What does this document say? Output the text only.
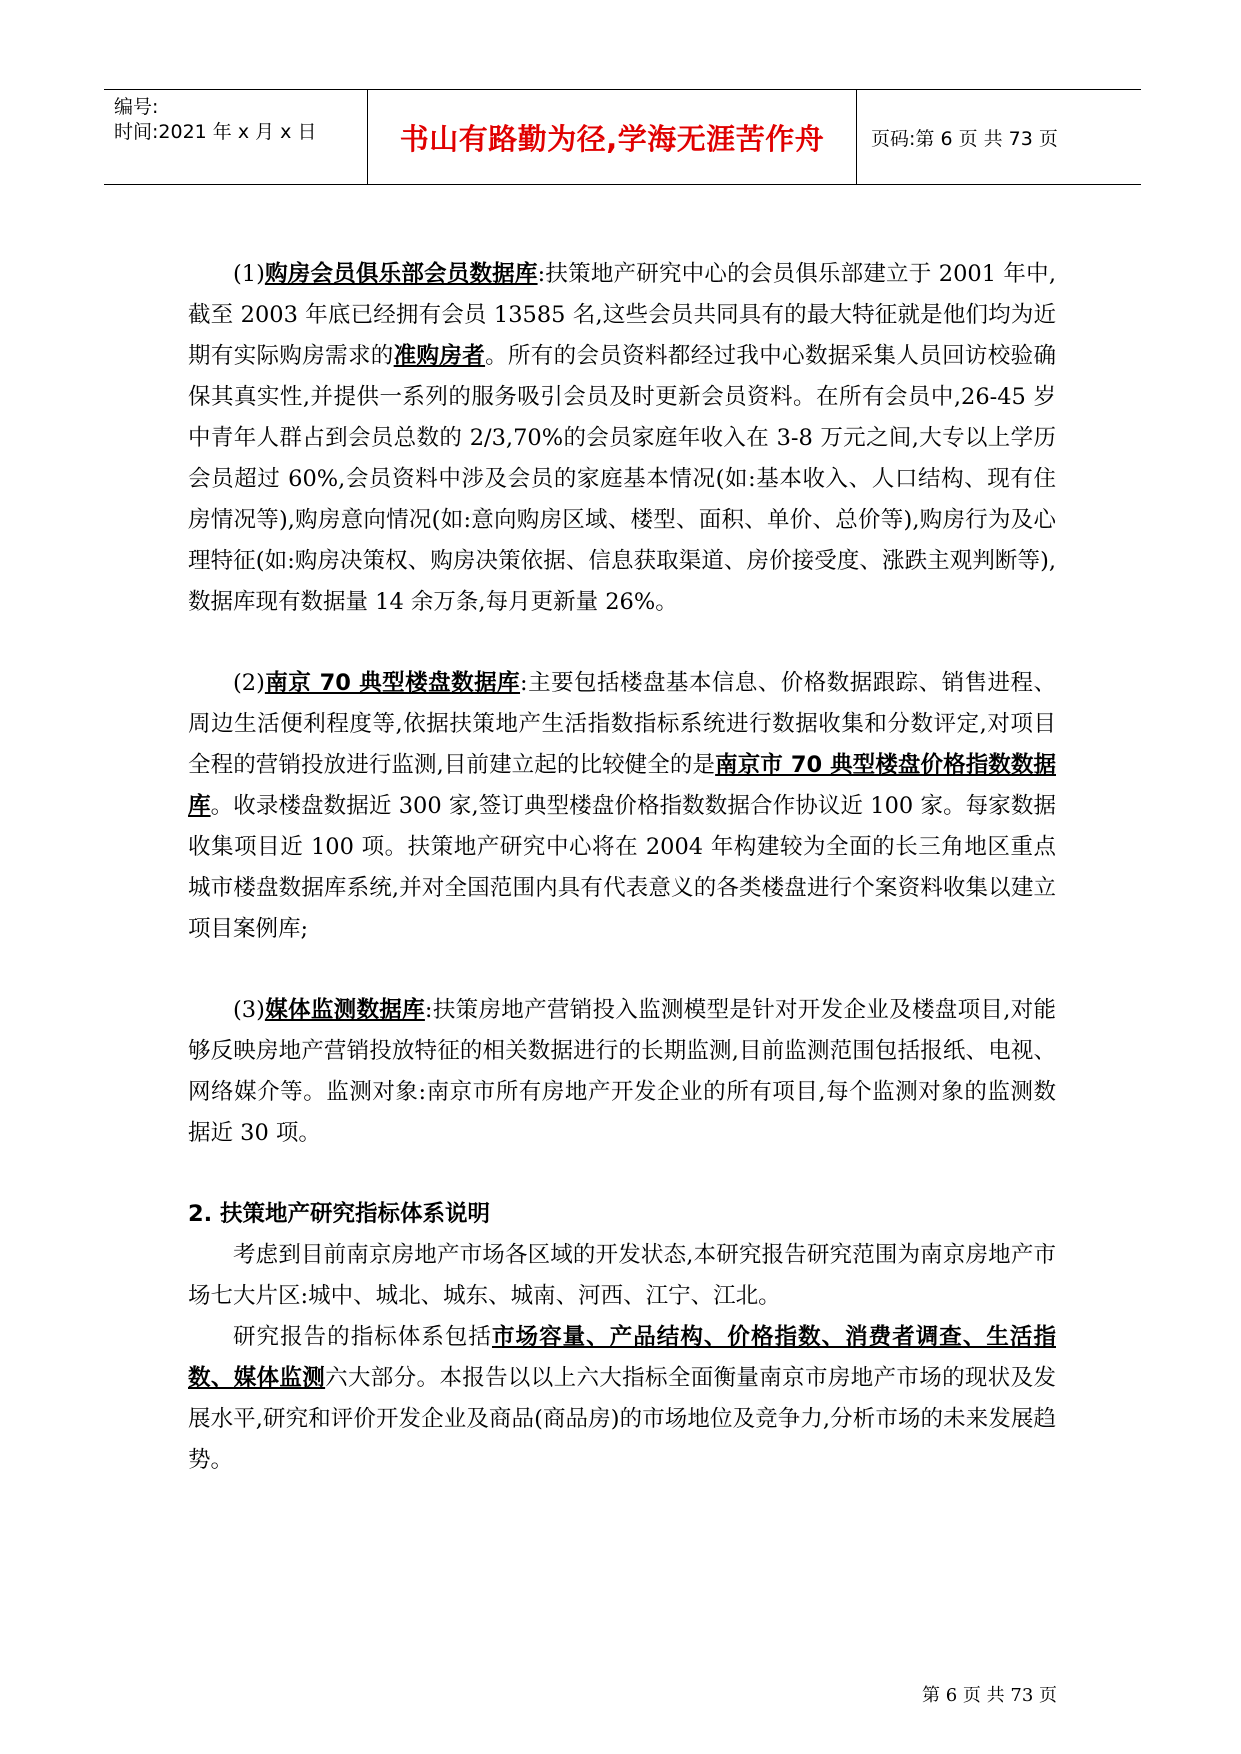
编号:
时间:2021 年 x 月 x 日	书山有路勤为径,学海无涯苦作舟 页码:第 6 页 共 73 页

(1)购房会员俱乐部会员数据库:扶策地产研究中心的会员俱乐部建立于 2001 年中,截至 2003 年底已经拥有会员 13585 名,这些会员共同具有的最大特征就是他们均为近期有实际购房需求的准购房者。所有的会员资料都经过我中心数据采集人员回访校验确保其真实性,并提供一系列的服务吸引会员及时更新会员资料。在所有会员中,26-45 岁中青年人群占到会员总数的 2/3,70%的会员家庭年收入在 3-8 万元之间,大专以上学历会员超过 60%,会员资料中涉及会员的家庭基本情况(如:基本收入、人口结构、现有住房情况等),购房意向情况(如:意向购房区域、楼型、面积、单价、总价等),购房行为及心理特征(如:购房决策权、购房决策依据、信息获取渠道、房价接受度、涨跌主观判断等),数据库现有数据量 14 余万条,每月更新量 26%。

(2)南京 70 典型楼盘数据库:主要包括楼盘基本信息、价格数据跟踪、销售进程、周边生活便利程度等,依据扶策地产生活指数指标系统进行数据收集和分数评定,对项目全程的营销投放进行监测,目前建立起的比较健全的是南京市 70 典型楼盘价格指数数据库。收录楼盘数据近 300 家,签订典型楼盘价格指数数据合作协议近 100 家。每家数据收集项目近 100 项。扶策地产研究中心将在 2004 年构建较为全面的长三角地区重点城市楼盘数据库系统,并对全国范围内具有代表意义的各类楼盘进行个案资料收集以建立项目案例库;

(3)媒体监测数据库:扶策房地产营销投入监测模型是针对开发企业及楼盘项目,对能够反映房地产营销投放特征的相关数据进行的长期监测,目前监测范围包括报纸、电视、网络媒介等。监测对象:南京市所有房地产开发企业的所有项目,每个监测对象的监测数据近 30 项。

2. 扶策地产研究指标体系说明

考虑到目前南京房地产市场各区域的开发状态,本研究报告研究范围为南京房地产市场七大片区:城中、城北、城东、城南、河西、江宁、江北。

研究报告的指标体系包括市场容量、产品结构、价格指数、消费者调查、生活指数、媒体监测六大部分。本报告以以上六大指标全面衡量南京市房地产市场的现状及发展水平,研究和评价开发企业及商品(商品房)的市场地位及竞争力,分析市场的未来发展趋势。

第 6 页 共 73 页
